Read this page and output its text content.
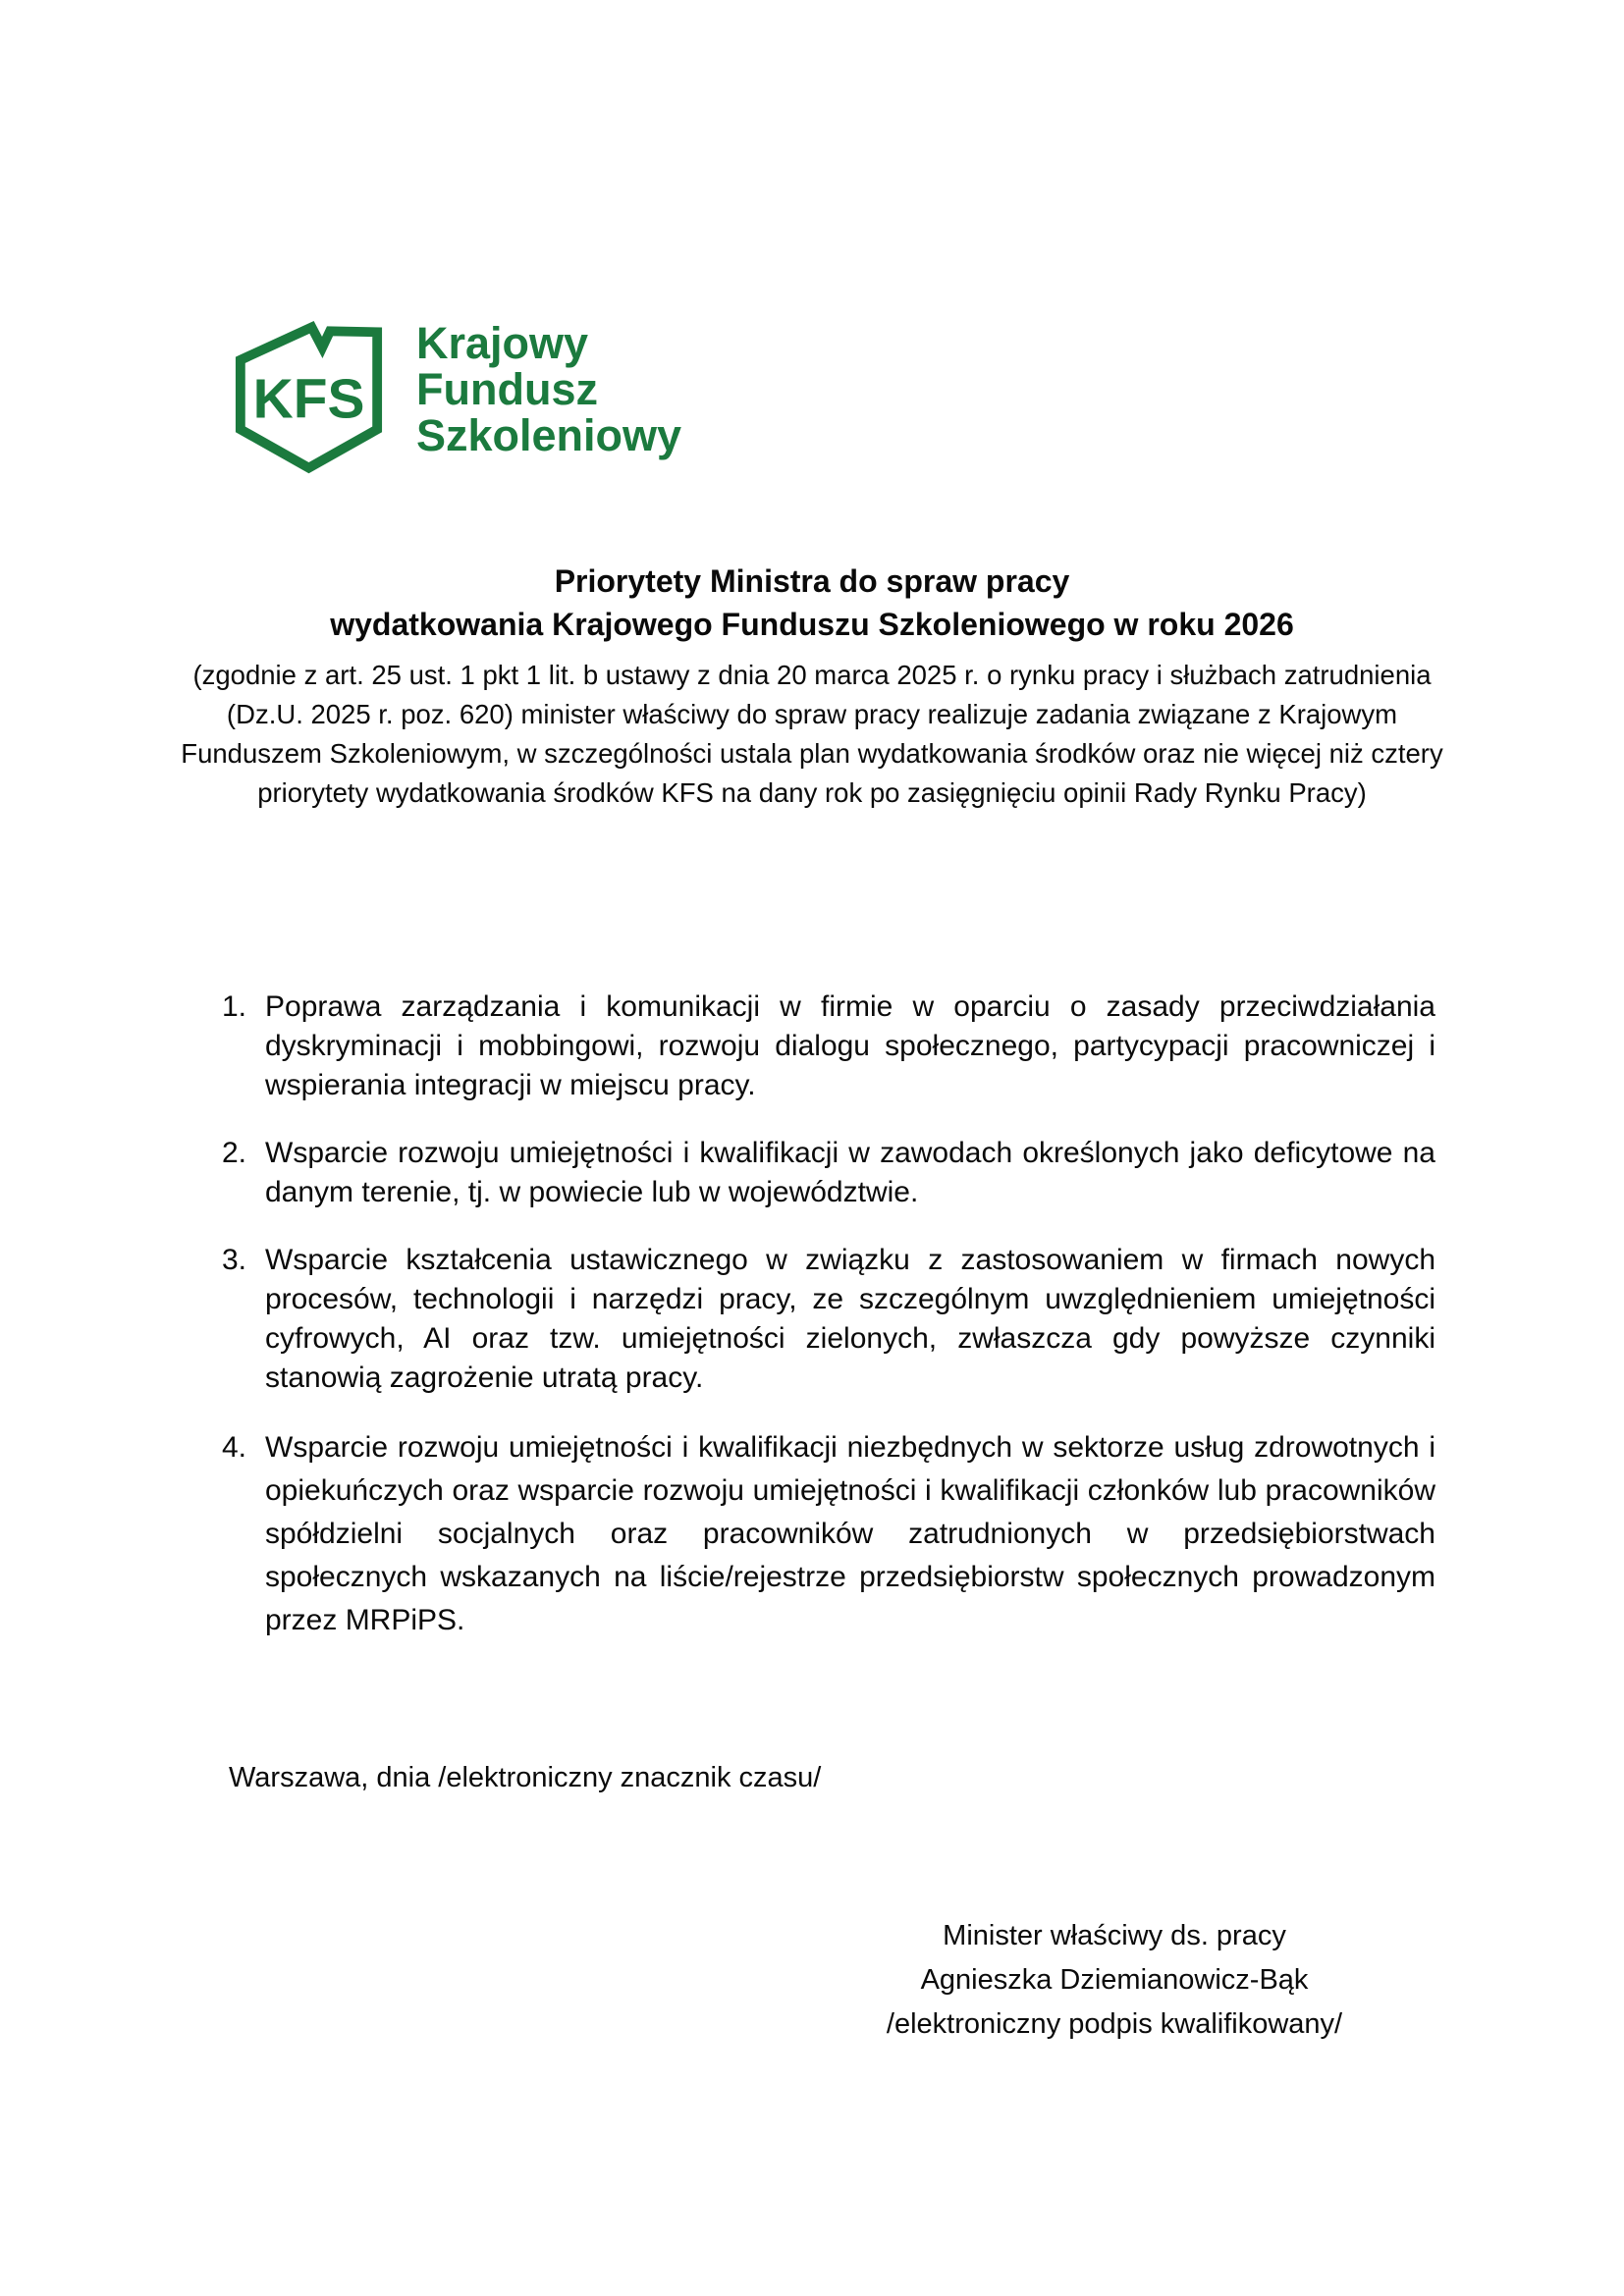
KFS
Krajowy
Fundusz
Szkoleniowy
Priorytety Ministra do spraw pracy
wydatkowania Krajowego Funduszu Szkoleniowego w roku 2026
(zgodnie z art. 25 ust. 1 pkt 1 lit. b ustawy z dnia 20 marca 2025 r. o rynku pracy i służbach zatrudnienia
(Dz.U. 2025 r. poz. 620) minister właściwy do spraw pracy realizuje zadania związane z Krajowym
Funduszem Szkoleniowym, w szczególności ustala plan wydatkowania środków oraz nie więcej niż cztery
priorytety wydatkowania środków KFS na dany rok po zasięgnięciu opinii Rady Rynku Pracy)
1. Poprawa zarządzania i komunikacji w firmie w oparciu o zasady przeciwdziałania dyskryminacji i mobbingowi, rozwoju dialogu społecznego, partycypacji pracowniczej i wspierania integracji w miejscu pracy.
2. Wsparcie rozwoju umiejętności i kwalifikacji w zawodach określonych jako deficytowe na danym terenie, tj. w powiecie lub w województwie.
3. Wsparcie kształcenia ustawicznego w związku z zastosowaniem w firmach nowych procesów, technologii i narzędzi pracy, ze szczególnym uwzględnieniem umiejętności cyfrowych, AI oraz tzw. umiejętności zielonych, zwłaszcza gdy powyższe czynniki stanowią zagrożenie utratą pracy.
4. Wsparcie rozwoju umiejętności i kwalifikacji niezbędnych w sektorze usług zdrowotnych i opiekuńczych oraz wsparcie rozwoju umiejętności i kwalifikacji członków lub pracowników spółdzielni socjalnych oraz pracowników zatrudnionych w przedsiębiorstwach społecznych wskazanych na liście/rejestrze przedsiębiorstw społecznych prowadzonym przez MRPiPS.
Warszawa, dnia /elektroniczny znacznik czasu/
Minister właściwy ds. pracy
Agnieszka Dziemianowicz-Bąk
/elektroniczny podpis kwalifikowany/
